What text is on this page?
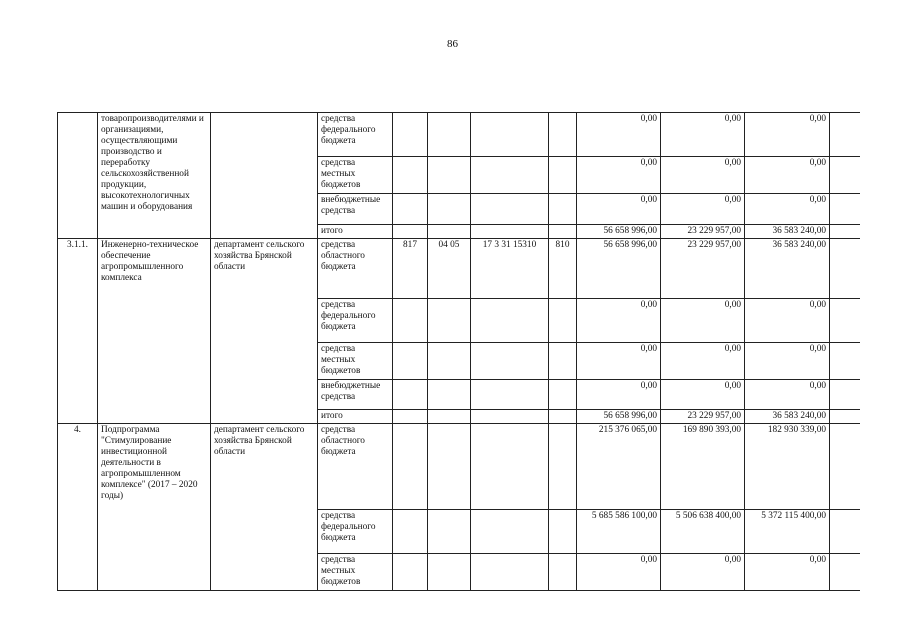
86
	товаропроизводителями и организациями, осуществляющими производство и переработку сельскохозяйственной продукции, высокотехнологичных машин и оборудования		средства федерального бюджета					0,00	0,00	0,00	
			средства местных бюджетов					0,00	0,00	0,00	
			внебюджетные средства					0,00	0,00	0,00	
			итого					56 658 996,00	23 229 957,00	36 583 240,00	
3.1.1.	Инженерно-техническое обеспечение агропромышленного комплекса	департамент сельского хозяйства Брянской области	средства областного бюджета	817	04 05	17 3 31 15310	810	56 658 996,00	23 229 957,00	36 583 240,00	
			средства федерального бюджета					0,00	0,00	0,00	
			средства местных бюджетов					0,00	0,00	0,00	
			внебюджетные средства					0,00	0,00	0,00	
			итого					56 658 996,00	23 229 957,00	36 583 240,00	
4.	Подпрограмма "Стимулирование инвестиционной деятельности в агропромышленном комплексе" (2017 – 2020 годы)	департамент сельского хозяйства Брянской области	средства областного бюджета					215 376 065,00	169 890 393,00	182 930 339,00	
			средства федерального бюджета					5 685 586 100,00	5 506 638 400,00	5 372 115 400,00	
			средства местных бюджетов					0,00	0,00	0,00	
